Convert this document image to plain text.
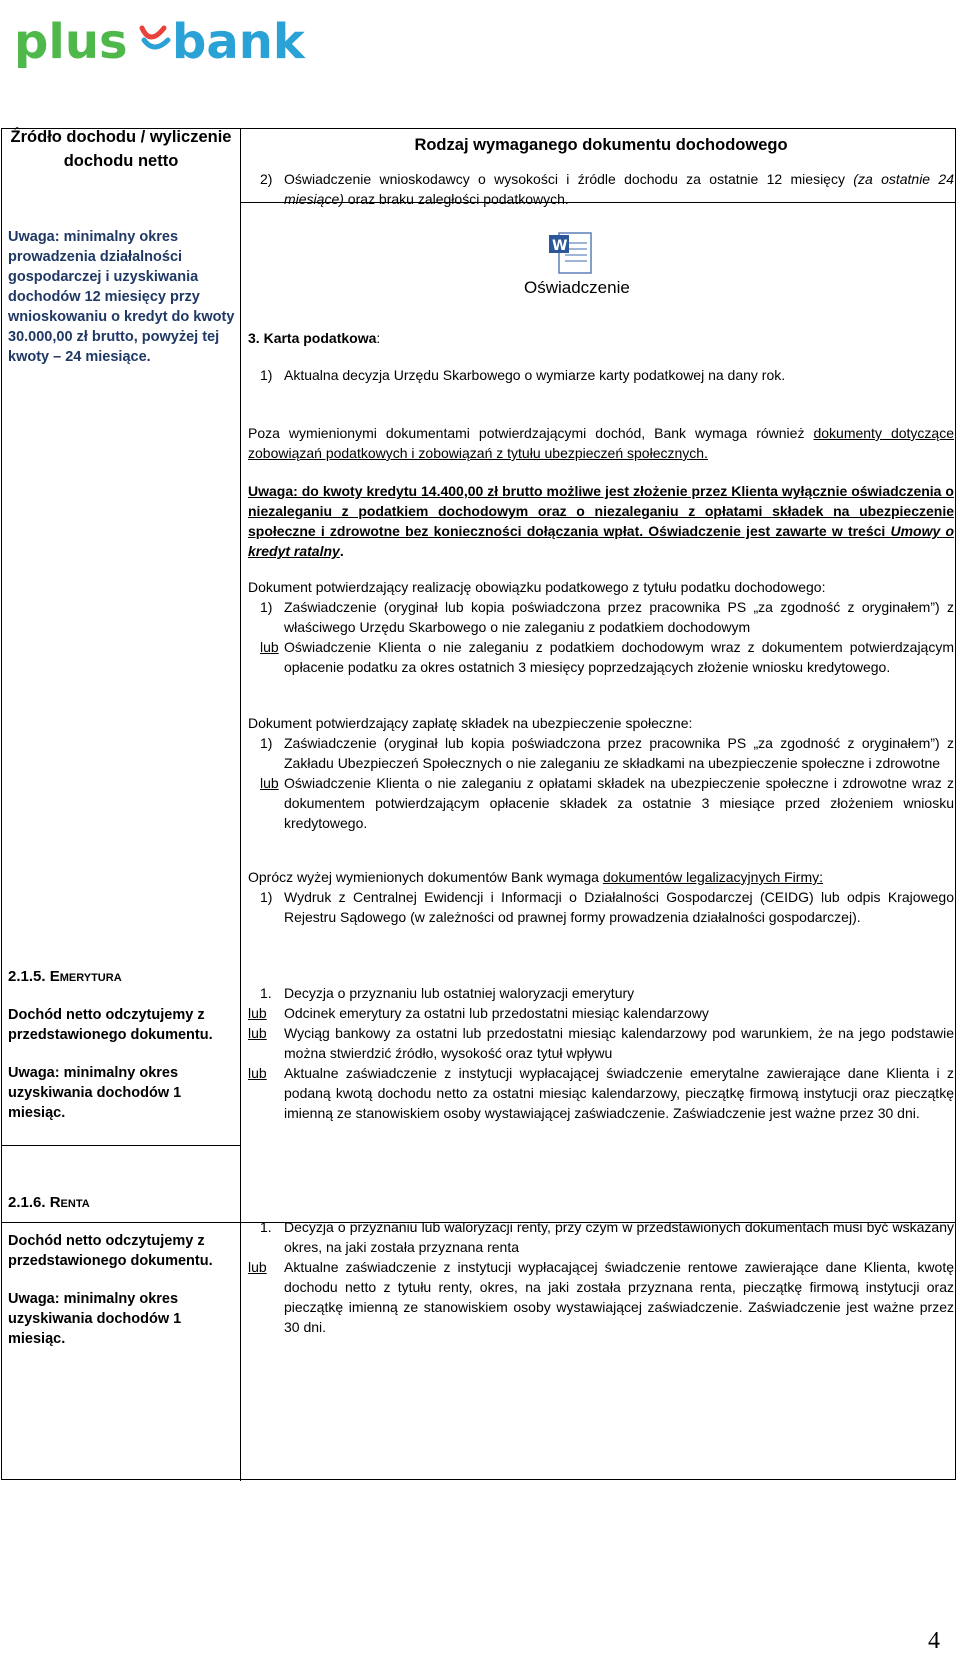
plus bank
Źródło dochodu / wyliczenie dochodu netto
Uwaga: minimalny okres prowadzenia działalności gospodarczej i uzyskiwania dochodów 12 miesięcy przy wnioskowaniu o kredyt do kwoty 30.000,00 zł brutto, powyżej tej kwoty – 24 miesiące.

2.1.5. Emerytura

Dochód netto odczytujemy z przedstawionego dokumentu.

Uwaga: minimalny okres uzyskiwania dochodów 1 miesiąc.

2.1.6. Renta

Dochód netto odczytujemy z przedstawionego dokumentu.

Uwaga: minimalny okres uzyskiwania dochodów 1 miesiąc.

Rodzaj wymaganego dokumentu dochodowego
2) Oświadczenie wnioskodawcy o wysokości i źródle dochodu za ostatnie 12 miesięcy (za ostatnie 24 miesiące) oraz braku zaległości podatkowych.
W
Oświadczenie
3. Karta podatkowa:
1) Aktualna decyzja Urzędu Skarbowego o wymiarze karty podatkowej na dany rok.
Poza wymienionymi dokumentami potwierdzającymi dochód, Bank wymaga również dokumenty dotyczące zobowiązań podatkowych i zobowiązań z tytułu ubezpieczeń społecznych.
Uwaga: do kwoty kredytu 14.400,00 zł brutto możliwe jest złożenie przez Klienta wyłącznie oświadczenia o niezaleganiu z podatkiem dochodowym oraz o niezaleganiu z opłatami składek na ubezpieczenie społeczne i zdrowotne bez konieczności dołączania wpłat. Oświadczenie jest zawarte w treści Umowy o kredyt ratalny.

Dokument potwierdzający realizację obowiązku podatkowego z tytułu podatku dochodowego:

1) Zaświadczenie (oryginał lub kopia poświadczona przez pracownika PS „za zgodność z oryginałem”) z właściwego Urzędu Skarbowego o nie zaleganiu z podatkiem dochodowym
lub Oświadczenie Klienta o nie zaleganiu z podatkiem dochodowym wraz z dokumentem potwierdzającym opłacenie podatku za okres ostatnich 3 miesięcy poprzedzających złożenie wniosku kredytowego.

Dokument potwierdzający zapłatę składek na ubezpieczenie społeczne:

1) Zaświadczenie (oryginał lub kopia poświadczona przez pracownika PS „za zgodność z oryginałem”) z Zakładu Ubezpieczeń Społecznych o nie zaleganiu ze składkami na ubezpieczenie społeczne i zdrowotne
lub Oświadczenie Klienta o nie zaleganiu z opłatami składek na ubezpieczenie społeczne i zdrowotne wraz z dokumentem potwierdzającym opłacenie składek za ostatnie 3 miesiące przed złożeniem wniosku kredytowego.

Oprócz wyżej wymienionych dokumentów Bank wymaga dokumentów legalizacyjnych Firmy:

1) Wydruk z Centralnej Ewidencji i Informacji o Działalności Gospodarczej (CEIDG) lub odpis Krajowego Rejestru Sądowego (w zależności od prawnej formy prowadzenia działalności gospodarczej).
1. Decyzja o przyznaniu lub ostatniej waloryzacji emerytury
lub Odcinek emerytury za ostatni lub przedostatni miesiąc kalendarzowy
lub Wyciąg bankowy za ostatni lub przedostatni miesiąc kalendarzowy pod warunkiem, że na jego podstawie można stwierdzić źródło, wysokość oraz tytuł wpływu
lub Aktualne zaświadczenie z instytucji wypłacającej świadczenie emerytalne zawierające dane Klienta i z podaną kwotą dochodu netto za ostatni miesiąc kalendarzowy, pieczątkę firmową instytucji oraz pieczątkę imienną ze stanowiskiem osoby wystawiającej zaświadczenie. Zaświadczenie jest ważne przez 30 dni.
1. Decyzja o przyznaniu lub waloryzacji renty, przy czym w przedstawionych dokumentach musi być wskazany okres, na jaki została przyznana renta
lub Aktualne zaświadczenie z instytucji wypłacającej świadczenie rentowe zawierające dane Klienta, kwotę dochodu netto z tytułu renty, okres, na jaki została przyznana renta, pieczątkę firmową instytucji oraz pieczątkę imienną ze stanowiskiem osoby wystawiającej zaświadczenie. Zaświadczenie jest ważne przez 30 dni.
4
